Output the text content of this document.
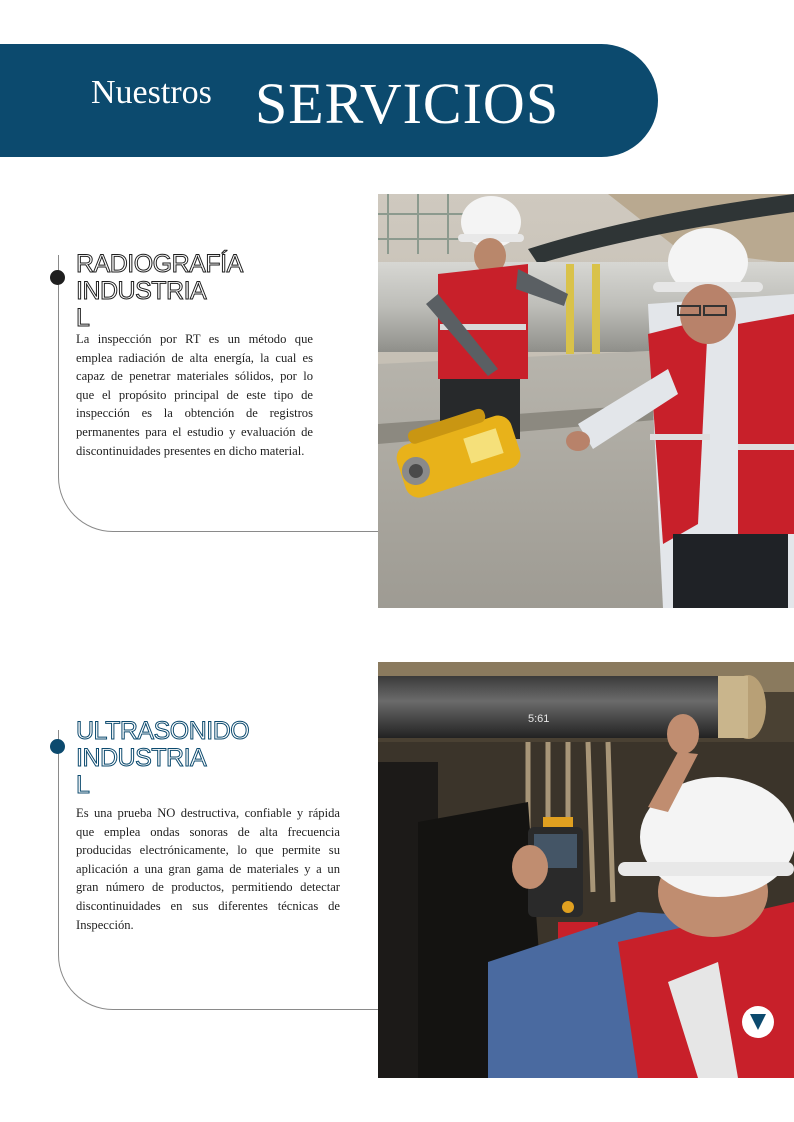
Nuestros SERVICIOS
RADIOGRAFÍA
INDUSTRIA
L
La inspección por RT es un método que emplea radiación de alta energía, la cual es capaz de penetrar materiales sólidos, por lo que el propósito principal de este tipo de inspección es la obtención de registros permanentes para el estudio y evaluación de discontinuidades presentes en dicho material.
ULTRASONIDO
INDUSTRIA
L
Es una prueba NO destructiva, confiable y rápida que emplea ondas sonoras de alta frecuencia producidas electrónicamente, lo que permite su aplicación a una gran gama de materiales y a un gran número de productos, permitiendo detectar discontinuidades en sus diferentes técnicas de Inspección.
5:61
